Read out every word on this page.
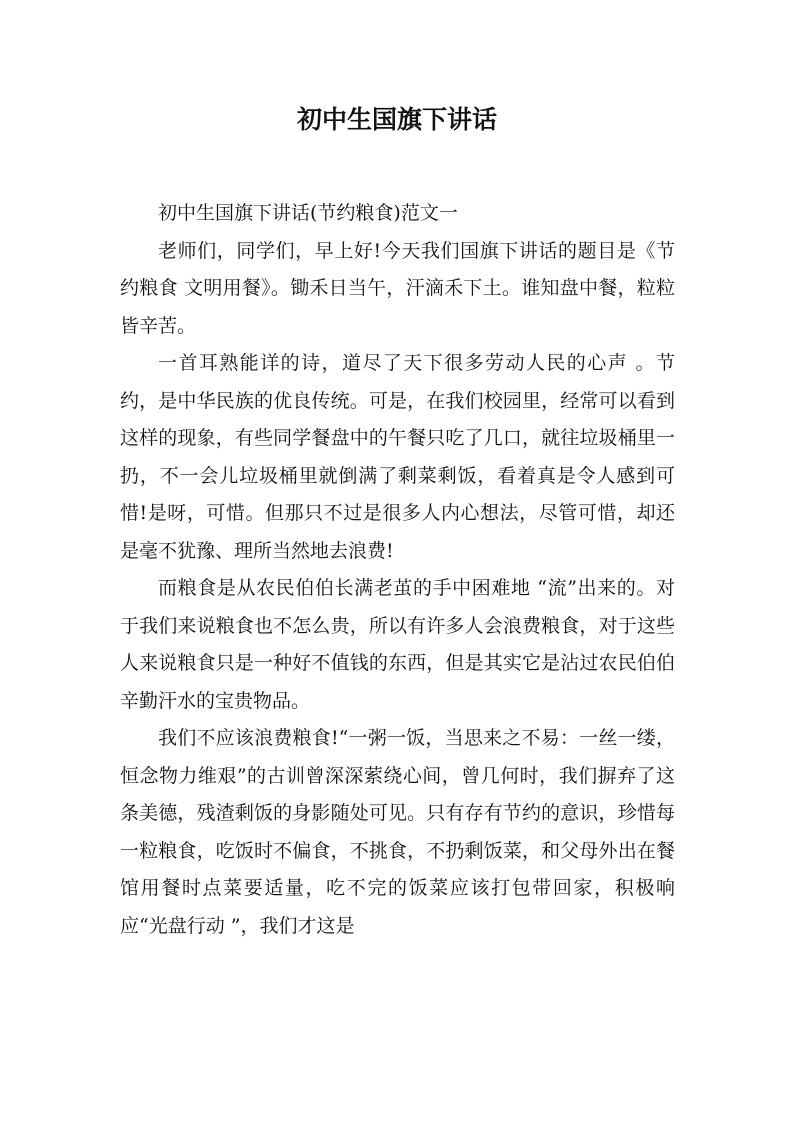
初中生国旗下讲话

初中生国旗下讲话(节约粮食)范文一

老师们，同学们，早上好!今天我们国旗下讲话的题目是《节约粮食 文明用餐》。锄禾日当午，汗滴禾下土。谁知盘中餐，粒粒皆辛苦。

一首耳熟能详的诗，道尽了天下很多劳动人民的心声 。节约，是中华民族的优良传统。可是，在我们校园里，经常可以看到这样的现象，有些同学餐盘中的午餐只吃了几口，就往垃圾桶里一扔，不一会儿垃圾桶里就倒满了剩菜剩饭，看着真是令人感到可惜!是呀，可惜。但那只不过是很多人内心想法，尽管可惜，却还是毫不犹豫、理所当然地去浪费!

而粮食是从农民伯伯长满老茧的手中困难地 “流”出来的。对于我们来说粮食也不怎么贵，所以有许多人会浪费粮食，对于这些人来说粮食只是一种好不值钱的东西，但是其实它是沾过农民伯伯辛勤汗水的宝贵物品。

我们不应该浪费粮食!“一粥一饭，当思来之不易：一丝一缕，恒念物力维艰”的古训曾深深萦绕心间，曾几何时，我们摒弃了这条美德，残渣剩饭的身影随处可见。只有存有节约的意识，珍惜每一粒粮食，吃饭时不偏食，不挑食，不扔剩饭菜，和父母外出在餐馆用餐时点菜要适量，吃不完的饭菜应该打包带回家，积极响应“光盘行动 ”，我们才这是
